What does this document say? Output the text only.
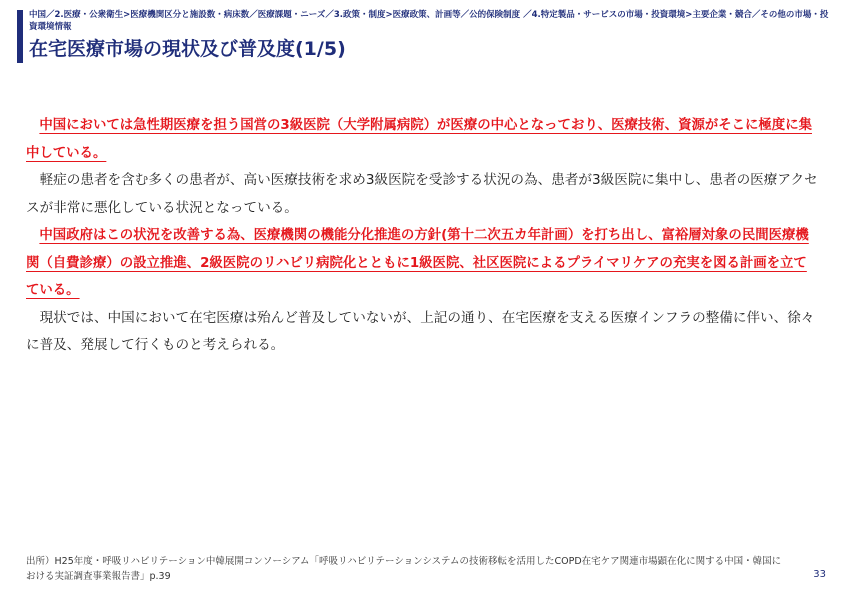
中国／2.医療・公衆衛生>医療機関区分と施設数・病床数／医療課題・ニーズ／3.政策・制度>医療政策、計画等／公的保険制度 ／4.特定製品・サービスの市場・投資環境>主要企業・競合／その他の市場・投資環境情報
在宅医療市場の現状及び普及度(1/5)

中国においては急性期医療を担う国営の3級医院（大学附属病院）が医療の中心となっており、医療技術、資源がそこに極度に集中している。

軽症の患者を含む多くの患者が、高い医療技術を求め3級医院を受診する状況の為、患者が3級医院に集中し、患者の医療アクセスが非常に悪化している状況となっている。

中国政府はこの状況を改善する為、医療機関の機能分化推進の方針(第十二次五カ年計画）を打ち出し、富裕層対象の民間医療機関（自費診療）の設立推進、2級医院のリハビリ病院化とともに1級医院、社区医院によるプライマリケアの充実を図る計画を立てている。

現状では、中国において在宅医療は殆んど普及していないが、上記の通り、在宅医療を支える医療インフラの整備に伴い、徐々に普及、発展して行くものと考えられる。

出所）H25年度・呼吸リハビリテーション中韓展開コンソーシアム「呼吸リハビリテーションシステムの技術移転を活用したCOPD在宅ケア関連市場顕在化に関する中国・韓国における実証調査事業報告書」p.39	33
